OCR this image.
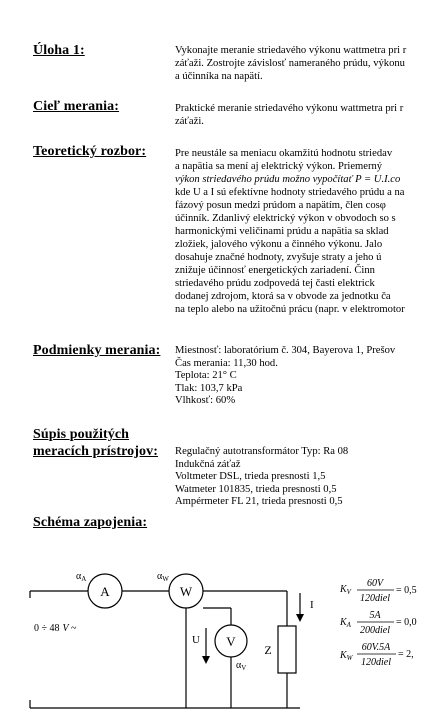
Úloha 1:	Vykonajte meranie striedavého výkonu wattmetra pri r
záťaži. Zostrojte závislosť nameraného prúdu, výkonu
a účinníka na napätí.
Cieľ merania:	Praktické meranie striedavého výkonu wattmetra pri r
záťaži.
Teoretický rozbor:	Pre neustále sa meniacu okamžitú hodnotu striedav
a napätia sa mení aj elektrický výkon. Priemerný
výkon striedavého prúdu možno vypočítať P = U.I.co
kde U a I sú efektívne hodnoty striedavého prúdu a na
fázový posun medzi prúdom a napätím, člen cosφ
účinník. Zdanlivý elektrický výkon v obvodoch so s
harmonickými veličinami prúdu a napätia sa sklad
zložiek, jalového výkonu a činného výkonu. Jalo
dosahuje značné hodnoty, zvyšuje straty a jeho ú
znižuje účinnosť energetických zariadení. Činn
striedavého prúdu zodpovedá tej časti elektrick
dodanej zdrojom, ktorá sa v obvode za jednotku ča
na teplo alebo na užitočnú prácu (napr. v elektromotor
Podmienky merania: Miestnosť: laboratórium č. 304, Bayerova 1, Prešov
Čas merania: 11,30 hod.
Teplota: 21° C
Tlak: 103,7 kPa
Vlhkosť: 60%
Súpis použitých
meracích prístrojov: Regulačný autotransformátor Typ: Ra 08
Indukčná záťaž
Voltmeter DSL, trieda presnosti 1,5
Watmeter 101835, trieda presnosti 0,5
Ampérmeter FL 21, trieda presnosti 0,5
Schéma zapojenia:
A	W
V
Z
$\alpha_A$	$\alpha_W$
$\alpha_V$
U
I
0 ÷ 48 V ~
$K_V$
60V
120diel
= 0,5
$K_A$
5A
200diel
= 0,0
$K_W$
60V.5A
120diel
= 2,
